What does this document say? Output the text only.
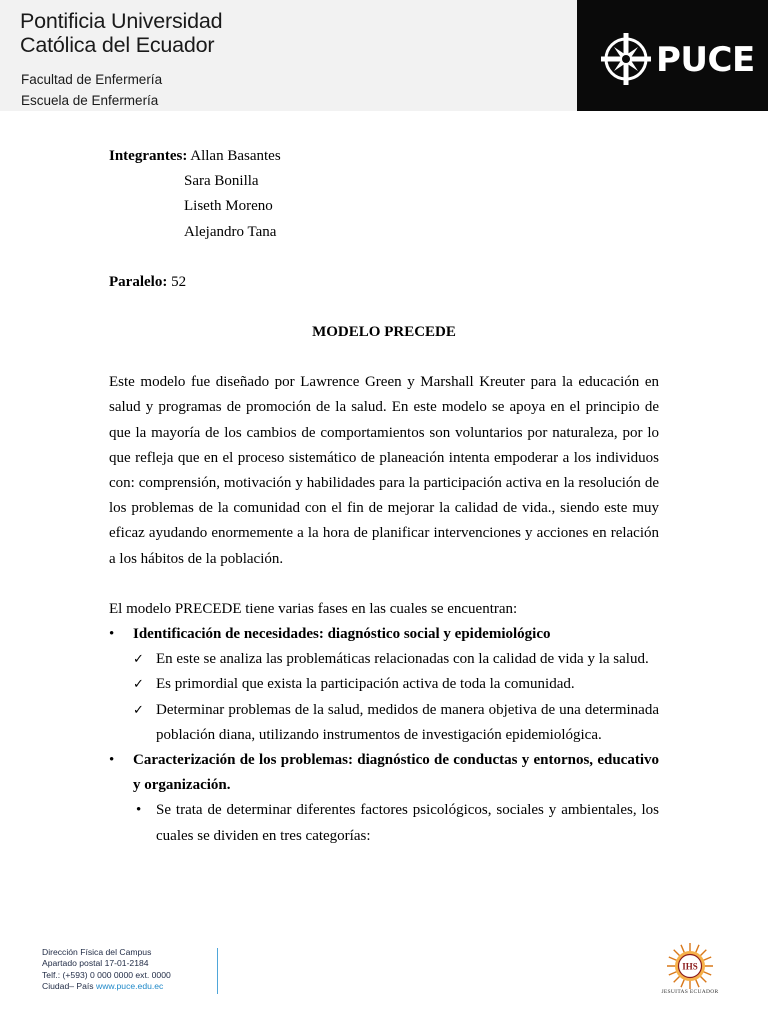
Pontificia Universidad
Católica del Ecuador
Facultad de Enfermería
Escuela de Enfermería
PUCE

Integrantes: Allan Basantes

Sara Bonilla

Liseth Moreno

Alejandro Tana

Paralelo: 52

MODELO PRECEDE

Este modelo fue diseñado por Lawrence Green y Marshall Kreuter para la educación en salud y programas de promoción de la salud. En este modelo se apoya en el principio de que la mayoría de los cambios de comportamientos son voluntarios por naturaleza, por lo que refleja que en el proceso sistemático de planeación intenta empoderar a los individuos con: comprensión, motivación y habilidades para la participación activa en la resolución de los problemas de la comunidad con el fin de mejorar la calidad de vida., siendo este muy eficaz ayudando enormemente a la hora de planificar intervenciones y acciones en relación a los hábitos de la población.

El modelo PRECEDE tiene varias fases en las cuales se encuentran:

• Identificación de necesidades: diagnóstico social y epidemiológico
✓ En este se analiza las problemáticas relacionadas con la calidad de vida y la salud.
✓ Es primordial que exista la participación activa de toda la comunidad.
✓ Determinar problemas de la salud, medidos de manera objetiva de una determinada población diana, utilizando instrumentos de investigación epidemiológica.
• Caracterización de los problemas: diagnóstico de conductas y entornos, educativo y organización.
• Se trata de determinar diferentes factores psicológicos, sociales y ambientales, los cuales se dividen en tres categorías:
Dirección Física del Campus
Apartado postal 17-01-2184
Telf.: (+593) 0 000 0000 ext. 0000
Ciudad– País www.puce.edu.ec
IHS
JESUITAS ECUADOR
